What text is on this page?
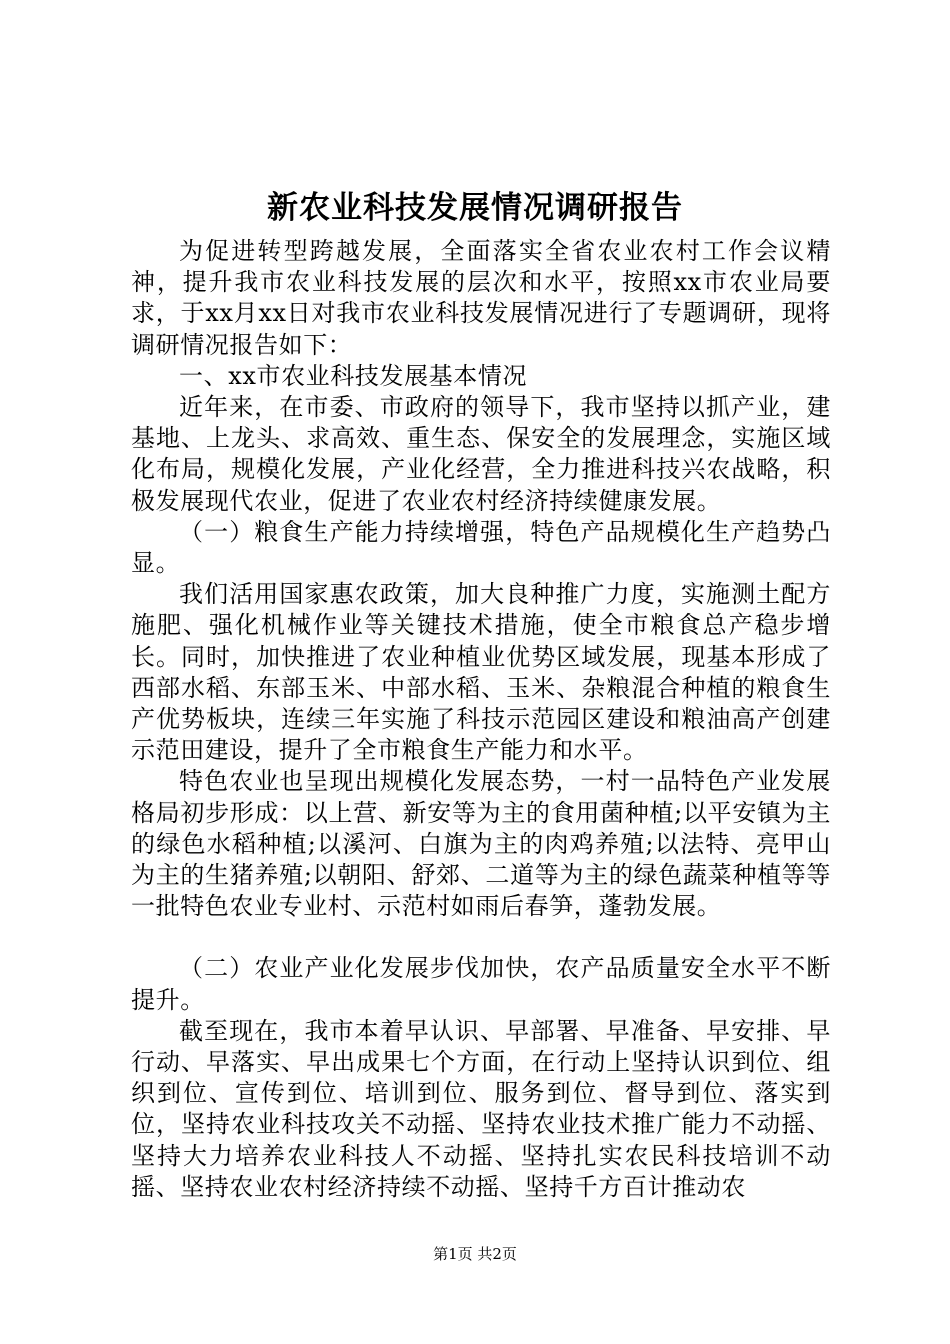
新农业科技发展情况调研报告

为促进转型跨越发展，全面落实全省农业农村工作会议精神，提升我市农业科技发展的层次和水平，按照xx市农业局要求，于xx月xx日对我市农业科技发展情况进行了专题调研，现将调研情况报告如下：

一、xx市农业科技发展基本情况

近年来，在市委、市政府的领导下，我市坚持以抓产业，建基地、上龙头、求高效、重生态、保安全的发展理念，实施区域化布局，规模化发展，产业化经营，全力推进科技兴农战略，积极发展现代农业，促进了农业农村经济持续健康发展。

（一）粮食生产能力持续增强，特色产品规模化生产趋势凸显。

我们活用国家惠农政策，加大良种推广力度，实施测土配方施肥、强化机械作业等关键技术措施，使全市粮食总产稳步增长。同时，加快推进了农业种植业优势区域发展，现基本形成了西部水稻、东部玉米、中部水稻、玉米、杂粮混合种植的粮食生产优势板块，连续三年实施了科技示范园区建设和粮油高产创建示范田建设，提升了全市粮食生产能力和水平。

特色农业也呈现出规模化发展态势，一村一品特色产业发展格局初步形成：以上营、新安等为主的食用菌种植;以平安镇为主的绿色水稻种植;以溪河、白旗为主的肉鸡养殖;以法特、亮甲山为主的生猪养殖;以朝阳、舒郊、二道等为主的绿色蔬菜种植等等一批特色农业专业村、示范村如雨后春笋，蓬勃发展。

（二）农业产业化发展步伐加快，农产品质量安全水平不断提升。

截至现在，我市本着早认识、早部署、早准备、早安排、早行动、早落实、早出成果七个方面，在行动上坚持认识到位、组织到位、宣传到位、培训到位、服务到位、督导到位、落实到位，坚持农业科技攻关不动摇、坚持农业技术推广能力不动摇、坚持大力培养农业科技人不动摇、坚持扎实农民科技培训不动摇、坚持农业农村经济持续不动摇、坚持千方百计推动农

第1页 共2页
